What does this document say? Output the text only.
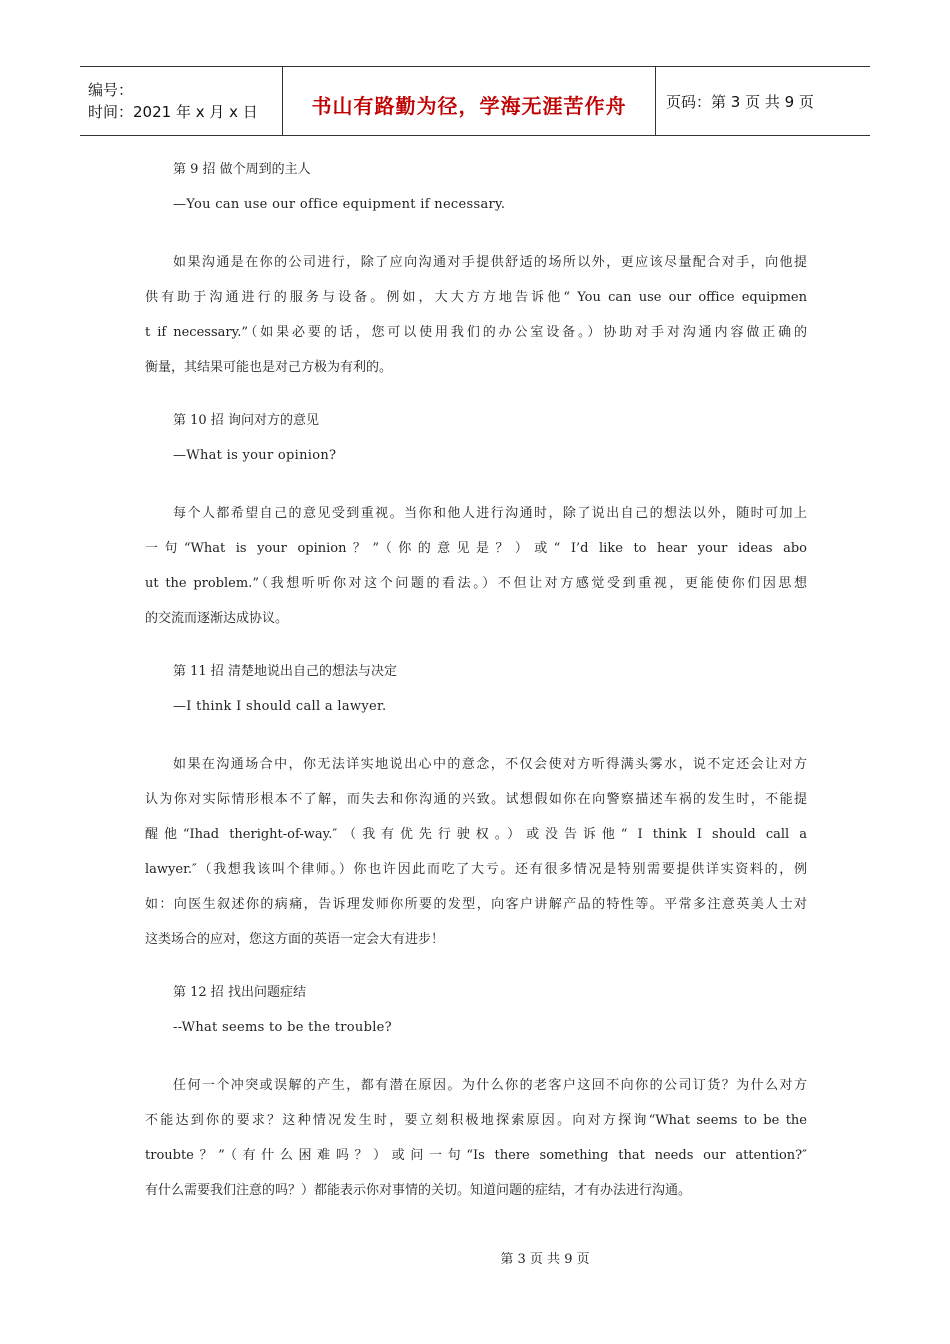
编号：
时间：2021 年 x 月 x 日	书山有路勤为径，学海无涯苦作舟	页码：第 3 页 共 9 页
第 9 招 做个周到的主人
—You can use our office equipment if necessary.
如果沟通是在你的公司进行，除了应向沟通对手提供舒适的场所以外，更应该尽量配合对手，向他提
供有助于沟通进行的服务与设备。例如，大大方方地告诉他“ You can use our office equipmen
t if necessary.”（如果必要的话，您可以使用我们的办公室设备。）协助对手对沟通内容做正确的
衡量，其结果可能也是对己方极为有利的。
第 10 招 询问对方的意见
—What is your opinion?
每个人都希望自己的意见受到重视。当你和他人进行沟通时，除了说出自己的想法以外，随时可加上
一句“What is your opinion？”（你的意见是？）或“ I’d like to hear your ideas abo
ut the problem.”（我想听听你对这个问题的看法。）不但让对方感觉受到重视，更能使你们因思想
的交流而逐渐达成协议。
第 11 招 清楚地说出自己的想法与决定
—I think I should call a lawyer.
如果在沟通场合中，你无法详实地说出心中的意念，不仅会使对方听得满头雾水，说不定还会让对方
认为你对实际情形根本不了解，而失去和你沟通的兴致。试想假如你在向警察描述车祸的发生时，不能提
醒他“Ihad theright-of-way.″（我有优先行驶权。）或没告诉他“ I think I should call a
lawyer.″（我想我该叫个律师。）你也许因此而吃了大亏。还有很多情况是特别需要提供详实资料的，例
如：向医生叙述你的病痛，告诉理发师你所要的发型，向客户讲解产品的特性等。平常多注意英美人士对
这类场合的应对，您这方面的英语一定会大有进步！
第 12 招 找出问题症结
--What seems to be the trouble?
任何一个冲突或误解的产生，都有潜在原因。为什么你的老客户这回不向你的公司订货？为什么对方
不能达到你的要求？这种情况发生时，要立刻积极地探索原因。向对方探询“What seems to be the
troubte？”（有什么困难吗？）或问一句“Is there something that needs our attention?″
有什么需要我们注意的吗？）都能表示你对事情的关切。知道问题的症结，才有办法进行沟通。
第 3 页 共 9 页
